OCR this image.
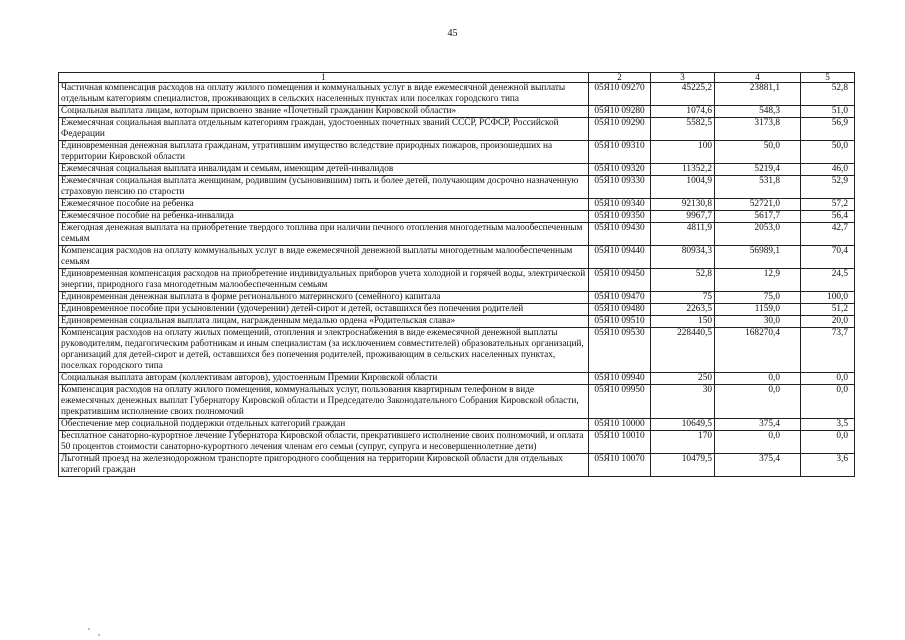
45
1	2	3	4	5
Частичная компенсация расходов на оплату жилого помещения и коммунальных услуг в виде ежемесячной денежной выплаты отдельным категориям специалистов, проживающих в сельских населенных пунктах или поселках городского типа	05Я10 09270	45225,2	23881,1	52,8
Социальная выплата лицам, которым присвоено звание «Почетный гражданин Кировской области»	05Я10 09280	1074,6	548,3	51,0
Ежемесячная социальная выплата отдельным категориям граждан, удостоенных почетных званий СССР, РСФСР, Российской Федерации	05Я10 09290	5582,5	3173,8	56,9
Единовременная денежная выплата гражданам, утратившим имущество вследствие природных пожаров, произошедших на территории Кировской области	05Я10 09310	100	50,0	50,0
Ежемесячная социальная выплата инвалидам и семьям, имеющим детей-инвалидов	05Я10 09320	11352,2	5219,4	46,0
Ежемесячная социальная выплата женщинам, родившим (усыновившим) пять и более детей, получающим досрочно назначенную страховую пенсию по старости	05Я10 09330	1004,9	531,8	52,9
Ежемесячное пособие на ребенка	05Я10 09340	92130,8	52721,0	57,2
Ежемесячное пособие на ребенка-инвалида	05Я10 09350	9967,7	5617,7	56,4
Ежегодная денежная выплата на приобретение твердого топлива при наличии печного отопления многодетным малообеспеченным семьям	05Я10 09430	4811,9	2053,0	42,7
Компенсация расходов на оплату коммунальных услуг в виде ежемесячной денежной выплаты многодетным малообеспеченным семьям	05Я10 09440	80934,3	56989,1	70,4
Единовременная компенсация расходов на приобретение индивидуальных приборов учета холодной и горячей воды, электрической энергии, природного газа многодетным малообеспеченным семьям	05Я10 09450	52,8	12,9	24,5
Единовременная денежная выплата в форме регионального материнского (семейного) капитала	05Я10 09470	75	75,0	100,0
Единовременное пособие при усыновлении (удочерении) детей-сирот и детей, оставшихся без попечения родителей	05Я10 09480	2263,5	1159,0	51,2
Единовременная социальная выплата лицам, награжденным медалью ордена «Родительская слава»	05Я10 09510	150	30,0	20,0
Компенсация расходов на оплату жилых помещений, отопления и электроснабжения в виде ежемесячной денежной выплаты руководителям, педагогическим работникам и иным специалистам (за исключением совместителей) образовательных организаций, организаций для детей-сирот и детей, оставшихся без попечения родителей, проживающим в сельских населенных пунктах, поселках городского типа	05Я10 09530	228440,5	168270,4	73,7
Социальная выплата авторам (коллективам авторов), удостоенным Премии Кировской области	05Я10 09940	250	0,0	0,0
Компенсация расходов на оплату жилого помещения, коммунальных услуг, пользования квартирным телефоном в виде ежемесячных денежных выплат Губернатору Кировской области и Председателю Законодательного Собрания Кировской области, прекратившим исполнение своих полномочий	05Я10 09950	30	0,0	0,0
Обеспечение мер социальной поддержки отдельных категорий граждан	05Я10 10000	10649,5	375,4	3,5
Бесплатное санаторно-курортное лечение Губернатора Кировской области, прекратившего исполнение своих полномочий, и оплата 50 процентов стоимости санаторно-курортного лечения членам его семьи (супруг, супруга и несовершеннолетние дети)	05Я10 10010	170	0,0	0,0
Льготный проезд на железнодорожном транспорте пригородного сообщения на территории Кировской области для отдельных категорий граждан	05Я10 10070	10479,5	375,4	3,6
